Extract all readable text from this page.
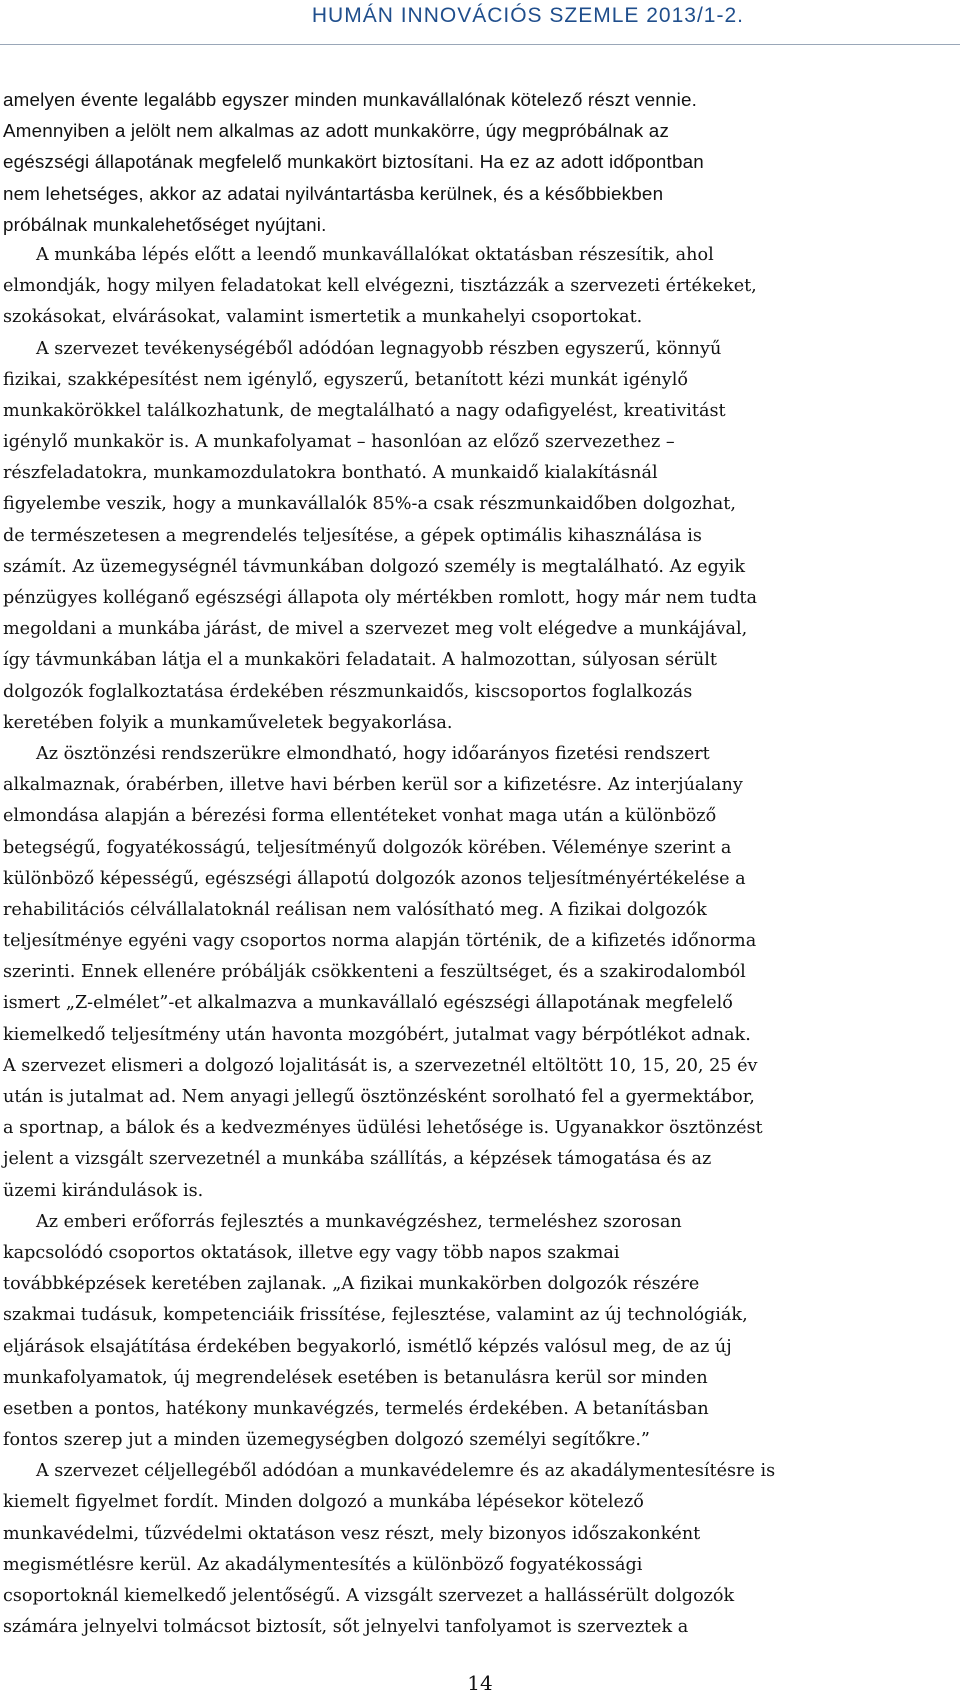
HUMÁN INNOVÁCIÓS SZEMLE 2013/1-2.
amelyen évente legalább egyszer minden munkavállalónak kötelező részt vennie.
Amennyiben a jelölt nem alkalmas az adott munkakörre, úgy megpróbálnak az
egészségi állapotának megfelelő munkakört biztosítani. Ha ez az adott időpontban
nem lehetséges, akkor az adatai nyilvántartásba kerülnek, és a későbbiekben
próbálnak munkalehetőséget nyújtani.
A munkába lépés előtt a leendő munkavállalókat oktatásban részesítik, ahol
elmondják, hogy milyen feladatokat kell elvégezni, tisztázzák a szervezeti értékeket,
szokásokat, elvárásokat, valamint ismertetik a munkahelyi csoportokat.
A szervezet tevékenységéből adódóan legnagyobb részben egyszerű, könnyű
fizikai, szakképesítést nem igénylő, egyszerű, betanított kézi munkát igénylő
munkakörökkel találkozhatunk, de megtalálható a nagy odafigyelést, kreativitást
igénylő munkakör is. A munkafolyamat – hasonlóan az előző szervezethez –
részfeladatokra, munkamozdulatokra bontható. A munkaidő kialakításnál
figyelembe veszik, hogy a munkavállalók 85%-a csak részmunkaidőben dolgozhat,
de természetesen a megrendelés teljesítése, a gépek optimális kihasználása is
számít. Az üzemegységnél távmunkában dolgozó személy is megtalálható. Az egyik
pénzügyes kolléganő egészségi állapota oly mértékben romlott, hogy már nem tudta
megoldani a munkába járást, de mivel a szervezet meg volt elégedve a munkájával,
így távmunkában látja el a munkaköri feladatait. A halmozottan, súlyosan sérült
dolgozók foglalkoztatása érdekében részmunkaidős, kiscsoportos foglalkozás
keretében folyik a munkaműveletek begyakorlása.
Az ösztönzési rendszerükre elmondható, hogy időarányos fizetési rendszert
alkalmaznak, órabérben, illetve havi bérben kerül sor a kifizetésre. Az interjúalany
elmondása alapján a bérezési forma ellentéteket vonhat maga után a különböző
betegségű, fogyatékosságú, teljesítményű dolgozók körében. Véleménye szerint a
különböző képességű, egészségi állapotú dolgozók azonos teljesítményértékelése a
rehabilitációs célvállalatoknál reálisan nem valósítható meg. A fizikai dolgozók
teljesítménye egyéni vagy csoportos norma alapján történik, de a kifizetés időnorma
szerinti. Ennek ellenére próbálják csökkenteni a feszültséget, és a szakirodalomból
ismert „Z-elmélet”-et alkalmazva a munkavállaló egészségi állapotának megfelelő
kiemelkedő teljesítmény után havonta mozgóbért, jutalmat vagy bérpótlékot adnak.
A szervezet elismeri a dolgozó lojalitását is, a szervezetnél eltöltött 10, 15, 20, 25 év
után is jutalmat ad. Nem anyagi jellegű ösztönzésként sorolható fel a gyermektábor,
a sportnap, a bálok és a kedvezményes üdülési lehetősége is. Ugyanakkor ösztönzést
jelent a vizsgált szervezetnél a munkába szállítás, a képzések támogatása és az
üzemi kirándulások is.
Az emberi erőforrás fejlesztés a munkavégzéshez, termeléshez szorosan
kapcsolódó csoportos oktatások, illetve egy vagy több napos szakmai
továbbképzések keretében zajlanak. „A fizikai munkakörben dolgozók részére
szakmai tudásuk, kompetenciáik frissítése, fejlesztése, valamint az új technológiák,
eljárások elsajátítása érdekében begyakorló, ismétlő képzés valósul meg, de az új
munkafolyamatok, új megrendelések esetében is betanulásra kerül sor minden
esetben a pontos, hatékony munkavégzés, termelés érdekében. A betanításban
fontos szerep jut a minden üzemegységben dolgozó személyi segítőkre.”
A szervezet céljellegéből adódóan a munkavédelemre és az akadálymentesítésre is
kiemelt figyelmet fordít. Minden dolgozó a munkába lépésekor kötelező
munkavédelmi, tűzvédelmi oktatáson vesz részt, mely bizonyos időszakonként
megismétlésre kerül. Az akadálymentesítés a különböző fogyatékossági
csoportoknál kiemelkedő jelentőségű. A vizsgált szervezet a hallássérült dolgozók
számára jelnyelvi tolmácsot biztosít, sőt jelnyelvi tanfolyamot is szerveztek a
14
